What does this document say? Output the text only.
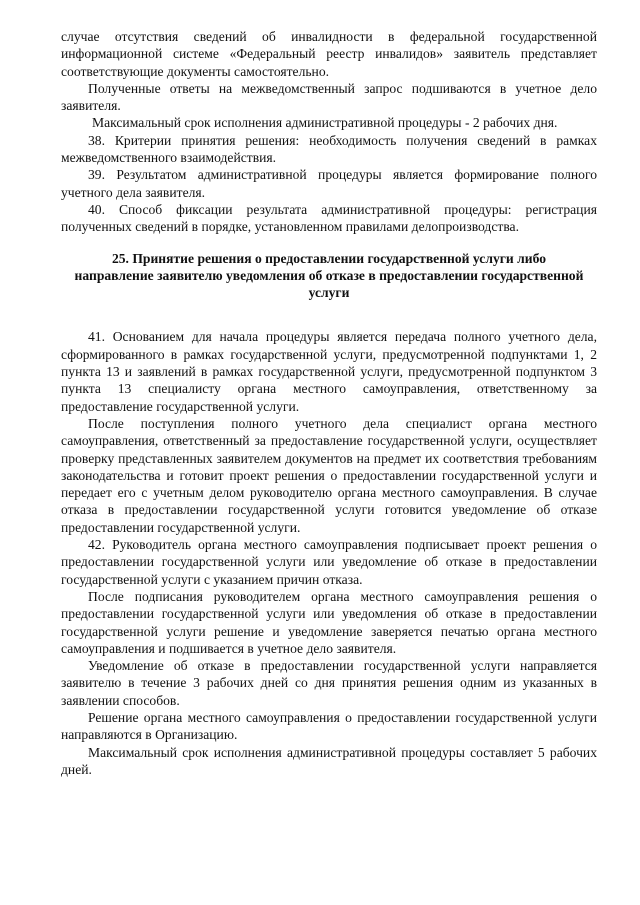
случае отсутствия сведений об инвалидности в федеральной государственной информационной системе «Федеральный реестр инвалидов» заявитель представляет соответствующие документы самостоятельно.

Полученные ответы на межведомственный запрос подшиваются в учетное дело заявителя.

Максимальный срок исполнения административной процедуры - 2 рабочих дня.

38. Критерии принятия решения: необходимость получения сведений в рамках межведомственного взаимодействия.

39. Результатом административной процедуры является формирование полного учетного дела заявителя.

40. Способ фиксации результата административной процедуры: регистрация полученных сведений в порядке, установленном правилами делопроизводства.

25. Принятие решения о предоставлении государственной услуги либо направление заявителю уведомления об отказе в предоставлении государственной услуги

41. Основанием для начала процедуры является передача полного учетного дела, сформированного в рамках государственной услуги, предусмотренной подпунктами 1, 2 пункта 13 и заявлений в рамках государственной услуги, предусмотренной подпунктом 3 пункта 13 специалисту органа местного самоуправления, ответственному за предоставление государственной услуги.

После поступления полного учетного дела специалист органа местного самоуправления, ответственный за предоставление государственной услуги, осуществляет проверку представленных заявителем документов на предмет их соответствия требованиям законодательства и готовит проект решения о предоставлении государственной услуги и передает его с учетным делом руководителю органа местного самоуправления. В случае отказа в предоставлении государственной услуги готовится уведомление об отказе предоставлении государственной услуги.

42. Руководитель органа местного самоуправления подписывает проект решения о предоставлении государственной услуги или уведомление об отказе в предоставлении государственной услуги с указанием причин отказа.

После подписания руководителем органа местного самоуправления решения о предоставлении государственной услуги или уведомления об отказе в предоставлении государственной услуги решение и уведомление заверяется печатью органа местного самоуправления и подшивается в учетное дело заявителя.

Уведомление об отказе в предоставлении государственной услуги направляется заявителю в течение 3 рабочих дней со дня принятия решения одним из указанных в заявлении способов.

Решение органа местного самоуправления о предоставлении государственной услуги направляются в Организацию.

Максимальный срок исполнения административной процедуры составляет 5 рабочих дней.
